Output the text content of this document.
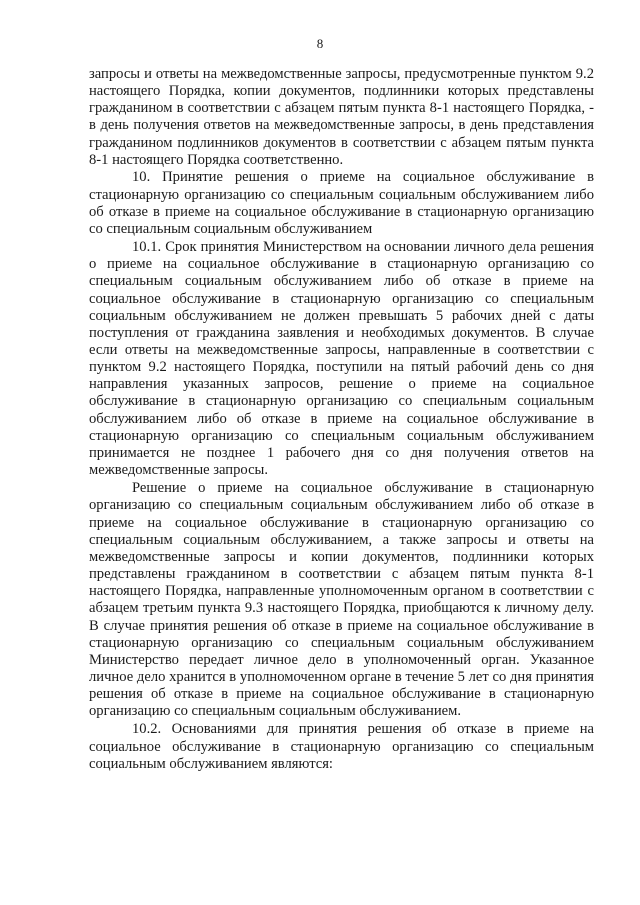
8

запросы и ответы на межведомственные запросы, предусмотренные пунктом 9.2 настоящего Порядка, копии документов, подлинники которых представлены гражданином в соответствии с абзацем пятым пункта 8-1 настоящего Порядка, - в день получения ответов на межведомственные запросы, в день представления гражданином подлинников документов в соответствии с абзацем пятым пункта 8-1 настоящего Порядка соответственно.

10. Принятие решения о приеме на социальное обслуживание в стационарную организацию со специальным социальным обслуживанием либо об отказе в приеме на социальное обслуживание в стационарную организацию со специальным социальным обслуживанием

10.1. Срок принятия Министерством на основании личного дела решения о приеме на социальное обслуживание в стационарную организацию со специальным социальным обслуживанием либо об отказе в приеме на социальное обслуживание в стационарную организацию со специальным социальным обслуживанием не должен превышать 5 рабочих дней с даты поступления от гражданина заявления и необходимых документов. В случае если ответы на межведомственные запросы, направленные в соответствии с пунктом 9.2 настоящего Порядка, поступили на пятый рабочий день со дня направления указанных запросов, решение о приеме на социальное обслуживание в стационарную организацию со специальным социальным обслуживанием либо об отказе в приеме на социальное обслуживание в стационарную организацию со специальным социальным обслуживанием принимается не позднее 1 рабочего дня со дня получения ответов на межведомственные запросы.

Решение о приеме на социальное обслуживание в стационарную организацию со специальным социальным обслуживанием либо об отказе в приеме на социальное обслуживание в стационарную организацию со специальным социальным обслуживанием, а также запросы и ответы на межведомственные запросы и копии документов, подлинники которых представлены гражданином в соответствии с абзацем пятым пункта 8-1 настоящего Порядка, направленные уполномоченным органом в соответствии с абзацем третьим пункта 9.3 настоящего Порядка, приобщаются к личному делу. В случае принятия решения об отказе в приеме на социальное обслуживание в стационарную организацию со специальным социальным обслуживанием Министерство передает личное дело в уполномоченный орган. Указанное личное дело хранится в уполномоченном органе в течение 5 лет со дня принятия решения об отказе в приеме на социальное обслуживание в стационарную организацию со специальным социальным обслуживанием.

10.2. Основаниями для принятия решения об отказе в приеме на социальное обслуживание в стационарную организацию со специальным социальным обслуживанием являются:
